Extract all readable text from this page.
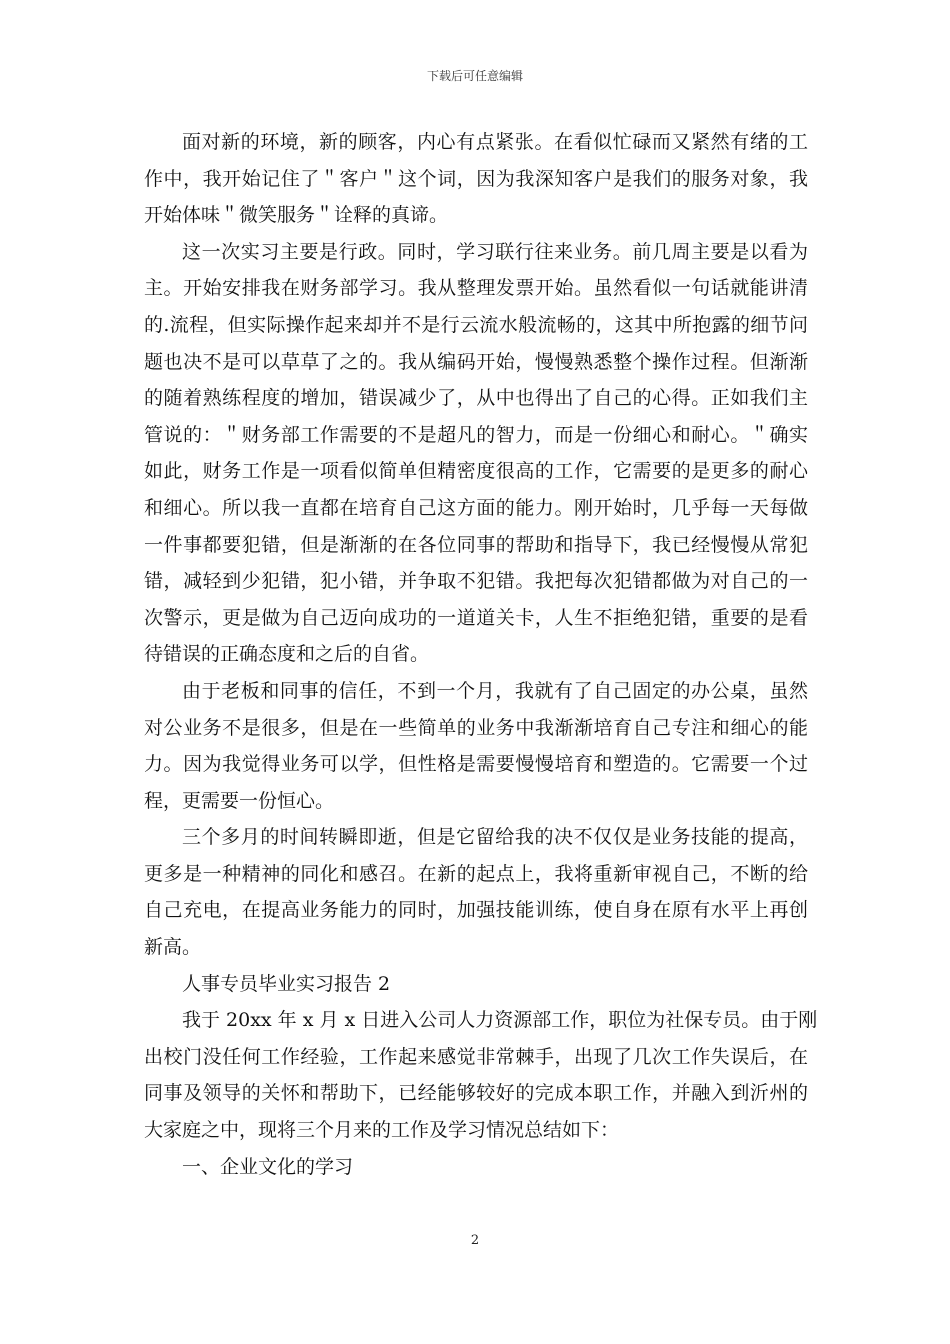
下载后可任意编辑
面对新的环境，新的顾客，内心有点紧张。在看似忙碌而又紧然有绪的工
作中，我开始记住了＂客户＂这个词，因为我深知客户是我们的服务对象，我
开始体味＂微笑服务＂诠释的真谛。
这一次实习主要是行政。同时，学习联行往来业务。前几周主要是以看为
主。开始安排我在财务部学习。我从整理发票开始。虽然看似一句话就能讲清
的.流程，但实际操作起来却并不是行云流水般流畅的，这其中所抱露的细节问
题也决不是可以草草了之的。我从编码开始，慢慢熟悉整个操作过程。但渐渐
的随着熟练程度的增加，错误减少了，从中也得出了自己的心得。正如我们主
管说的：＂财务部工作需要的不是超凡的智力，而是一份细心和耐心。＂确实
如此，财务工作是一项看似简单但精密度很高的工作，它需要的是更多的耐心
和细心。所以我一直都在培育自己这方面的能力。刚开始时，几乎每一天每做
一件事都要犯错，但是渐渐的在各位同事的帮助和指导下，我已经慢慢从常犯
错，减轻到少犯错，犯小错，并争取不犯错。我把每次犯错都做为对自己的一
次警示，更是做为自己迈向成功的一道道关卡，人生不拒绝犯错，重要的是看
待错误的正确态度和之后的自省。
由于老板和同事的信任，不到一个月，我就有了自己固定的办公桌，虽然
对公业务不是很多，但是在一些简单的业务中我渐渐培育自己专注和细心的能
力。因为我觉得业务可以学，但性格是需要慢慢培育和塑造的。它需要一个过
程，更需要一份恒心。
三个多月的时间转瞬即逝，但是它留给我的决不仅仅是业务技能的提高，
更多是一种精神的同化和感召。在新的起点上，我将重新审视自己，不断的给
自己充电，在提高业务能力的同时，加强技能训练，使自身在原有水平上再创
新高。
人事专员毕业实习报告 2
我于 20xx 年 x 月 x 日进入公司人力资源部工作，职位为社保专员。由于刚
出校门没任何工作经验，工作起来感觉非常棘手，出现了几次工作失误后，在
同事及领导的关怀和帮助下，已经能够较好的完成本职工作，并融入到沂州的
大家庭之中，现将三个月来的工作及学习情况总结如下：
一、企业文化的学习
2
